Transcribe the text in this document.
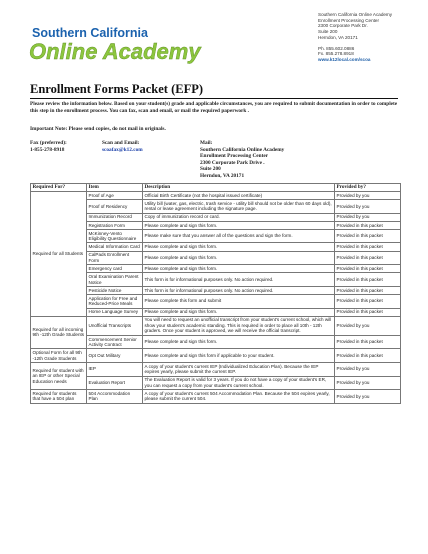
Southern California
Online Academy
Southern California Online Academy
Enrollment Processing Center
2300 Corporate Park Dr.
Suite 200
Herndon, VA 20171
Ph. 855.602.0886
Fx. 855.278.8918
www.k12local.com/scoa
Enrollment Forms Packet (EFP)

Please review the information below. Based on your student(s) grade and applicable circumstances, you are required to submit documentation in order to complete this step in the enrollment process. You can fax, scan and email, or mail the required paperwork .

Important Note: Please send copies, do not mail in originals.

Fax (preferred):
1-855-278-8918
Scan and Email:
scoafax@k12.com
Mail:
Southern California Online Academy
Enrollment Processing Center
2300 Corporate Park Drive .
Suite 200
Herndon, VA 20171
Required For?	Item	Description	Provided by?
Required for all Students	Proof of Age	Official Birth Certificate (not the hospital issued certificate)	Provided by you
	Proof of Residency	Utility bill (water, gas, electric, trash service - utility bill should not be older than 60 days old), rental or lease agreement including the signature page.	Provided by you
	Immunization Record	Copy of immunization record or card.	Provided by you
	Registration Form	Please complete and sign this form.	Provided in this packet
	McKinney-Vento Eligibility Questionnaire	Please make sure that you answer all of the questions and sign the form.	Provided in this packet
	Medical Information Card	Please complete and sign this form.	Provided in this packet
	CalPads Enrollment Form	Please complete and sign this form.	Provided in this packet
	Emergency card	Please complete and sign this form.	Provided in this packet
	Oral Examination Parent Notice	This form is for informational purposes only. No action required.	Provided in this packet
	Pesticide Notice	This form is for informational purposes only. No action required.	Provided in this packet
	Application for Free and Reduced-Price Meals	Please complete this form and submit	Provided in this packet
	Home Language Survey	Please complete and sign this form.	Provided in this packet
Required for all incoming 9th -12th Grade Students	Unofficial Transcripts	You will need to request an unofficial transcript from your student's current school, which will show your student's academic standing. This is required in order to place all 10th - 12th graders. Once your student is approved, we will receive the official transcript.	Provided by you
	Commencement Senior Activity Contract	Please complete and sign this form.	Provided in this packet
Optional Form for all 9th -12th Grade Students	Opt Out Military	Please complete and sign this form if applicable to your student.	Provided in this packet
Required for student with an IEP or other Special Education needs	IEP	A copy of your student's current IEP (Individualized Education Plan). Because the IEP expires yearly, please submit the current IEP.	Provided by you
	Evaluation Report	The Evaluation Report is valid for 3 years. If you do not have a copy of your student's ER, you can request a copy from your student's current school.	Provided by you
Required for students that have a 504 plan	504 Accommodation Plan	A copy of your student's current 504 Accommodation Plan. Because the 504 expires yearly, please submit the current 504.	Provided by you
